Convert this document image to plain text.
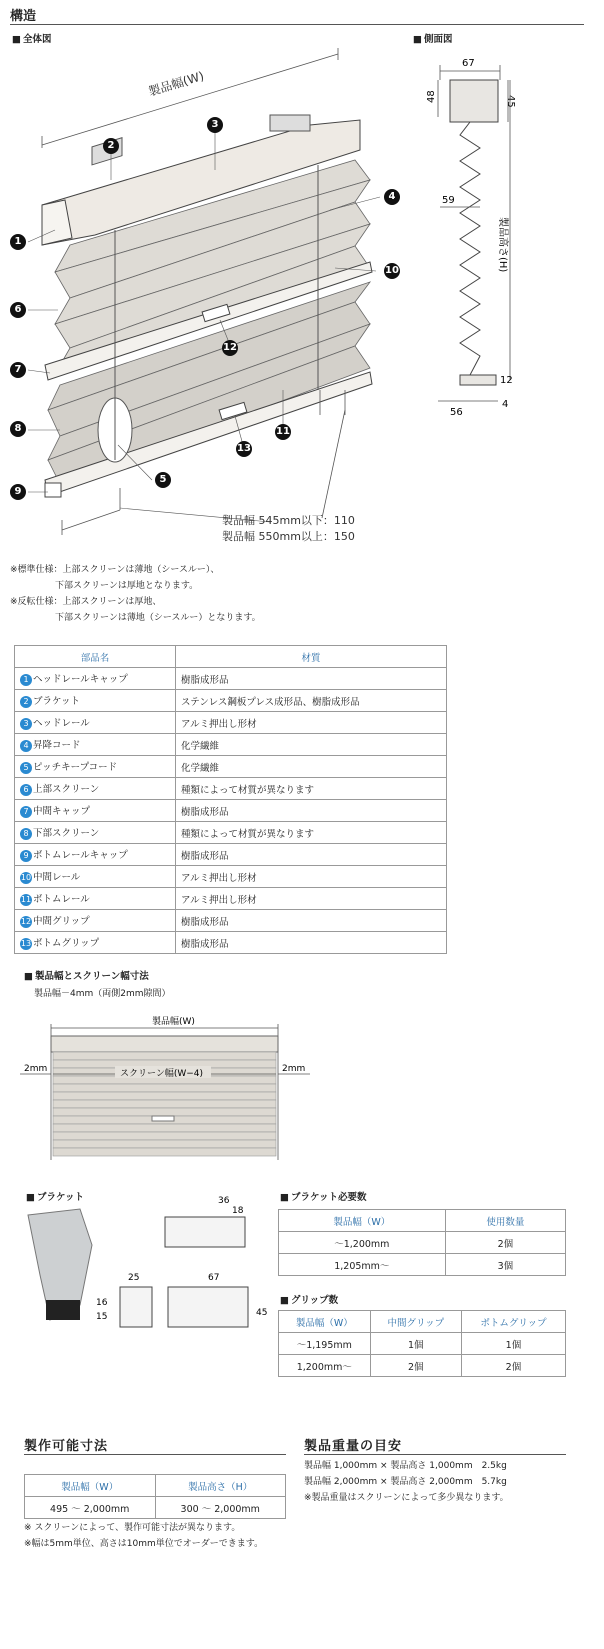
構造
■ 全体図	■ 側面図
製品幅(W)
製品幅 545mm以下：110
製品幅 550mm以上：150
1
2
3
4
5
6
7
8
9
10
11
12
13
67
48	45
59
製品高さ(H)
12
56
4
※標準仕様：上部スクリーンは薄地（シースルー）、
　　　　　下部スクリーンは厚地となります。
※反転仕様：上部スクリーンは厚地、
　　　　　下部スクリーンは薄地（シースルー）となります。
部品名	材質
1 ヘッドレールキャップ	樹脂成形品
2 ブラケット	ステンレス鋼板プレス成形品、樹脂成形品
3 ヘッドレール	アルミ押出し形材
4 昇降コード	化学繊維
5 ピッチキープコード	化学繊維
6 上部スクリーン	種類によって材質が異なります
7 中間キャップ	樹脂成形品
8 下部スクリーン	種類によって材質が異なります
9 ボトムレールキャップ	樹脂成形品
10 中間レール	アルミ押出し形材
11 ボトムレール	アルミ押出し形材
12 中間グリップ	樹脂成形品
13 ボトムグリップ	樹脂成形品
■ 製品幅とスクリーン幅寸法
製品幅－4mm（両側2mm隙間）
製品幅(W)
2mm	2mm
スクリーン幅(W−4)
■ ブラケット	36
18
25
16
15
67
45
■ ブラケット必要数
製品幅（W）	使用数量
～1,200mm	2個
1,205mm～	3個
■ グリップ数
製品幅（W）	中間グリップ	ボトムグリップ
～1,195mm	1個	1個
1,200mm～	2個	2個
製作可能寸法
製品幅（W）	製品高さ（H）
495 ～ 2,000mm	300 ～ 2,000mm
※ スクリーンによって、製作可能寸法が異なります。
※幅は5mm単位、高さは10mm単位でオーダーできます。
製品重量の目安
製品幅 1,000mm × 製品高さ 1,000mm　2.5kg
製品幅 2,000mm × 製品高さ 2,000mm　5.7kg
※製品重量はスクリーンによって多少異なります。
